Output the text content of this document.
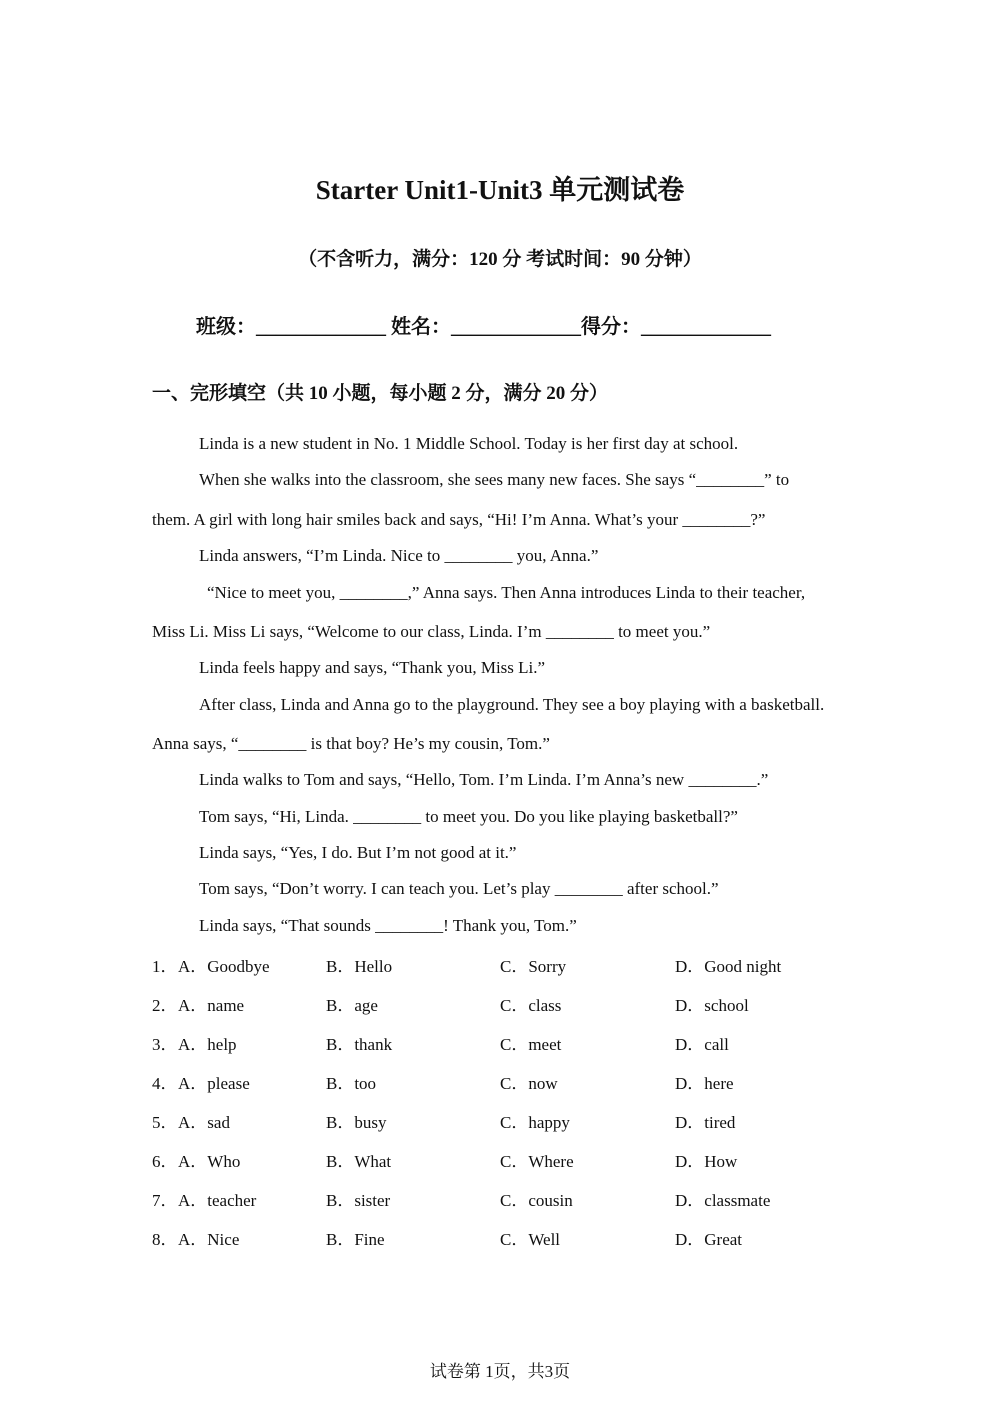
Starter Unit1-Unit3 单元测试卷
（不含听力，满分：120 分 考试时间：90 分钟）
班级：_____________ 姓名：_____________得分：_____________
一、完形填空（共 10 小题，每小题 2 分，满分 20 分）
Linda is a new student in No. 1 Middle School. Today is her first day at school.
When she walks into the classroom, she sees many new faces. She says “________” to
them. A girl with long hair smiles back and says, “Hi! I’m Anna. What’s your ________?”
Linda answers, “I’m Linda. Nice to ________ you, Anna.”
“Nice to meet you, ________,” Anna says. Then Anna introduces Linda to their teacher,
Miss Li. Miss Li says, “Welcome to our class, Linda. I’m ________ to meet you.”
Linda feels happy and says, “Thank you, Miss Li.”
After class, Linda and Anna go to the playground. They see a boy playing with a basketball.
Anna says, “________ is that boy? He’s my cousin, Tom.”
Linda walks to Tom and says, “Hello, Tom. I’m Linda. I’m Anna’s new ________.”
Tom says, “Hi, Linda. ________ to meet you. Do you like playing basketball?”
Linda says, “Yes, I do. But I’m not good at it.”
Tom says, “Don’t worry. I can teach you. Let’s play ________ after school.”
Linda says, “That sounds ________! Thank you, Tom.”
1． A．Goodbye	B．Hello	C．Sorry	D．Good night
2． A．name	B．age	C．class	D．school
3． A．help	B．thank	C．meet	D．call
4． A．please	B．too	C．now	D．here
5． A．sad	B．busy	C．happy	D．tired
6． A．Who	B．What	C．Where	D．How
7． A．teacher	B．sister	C．cousin	D．classmate
8． A．Nice	B．Fine	C．Well	D．Great
试卷第 1页，共3页
